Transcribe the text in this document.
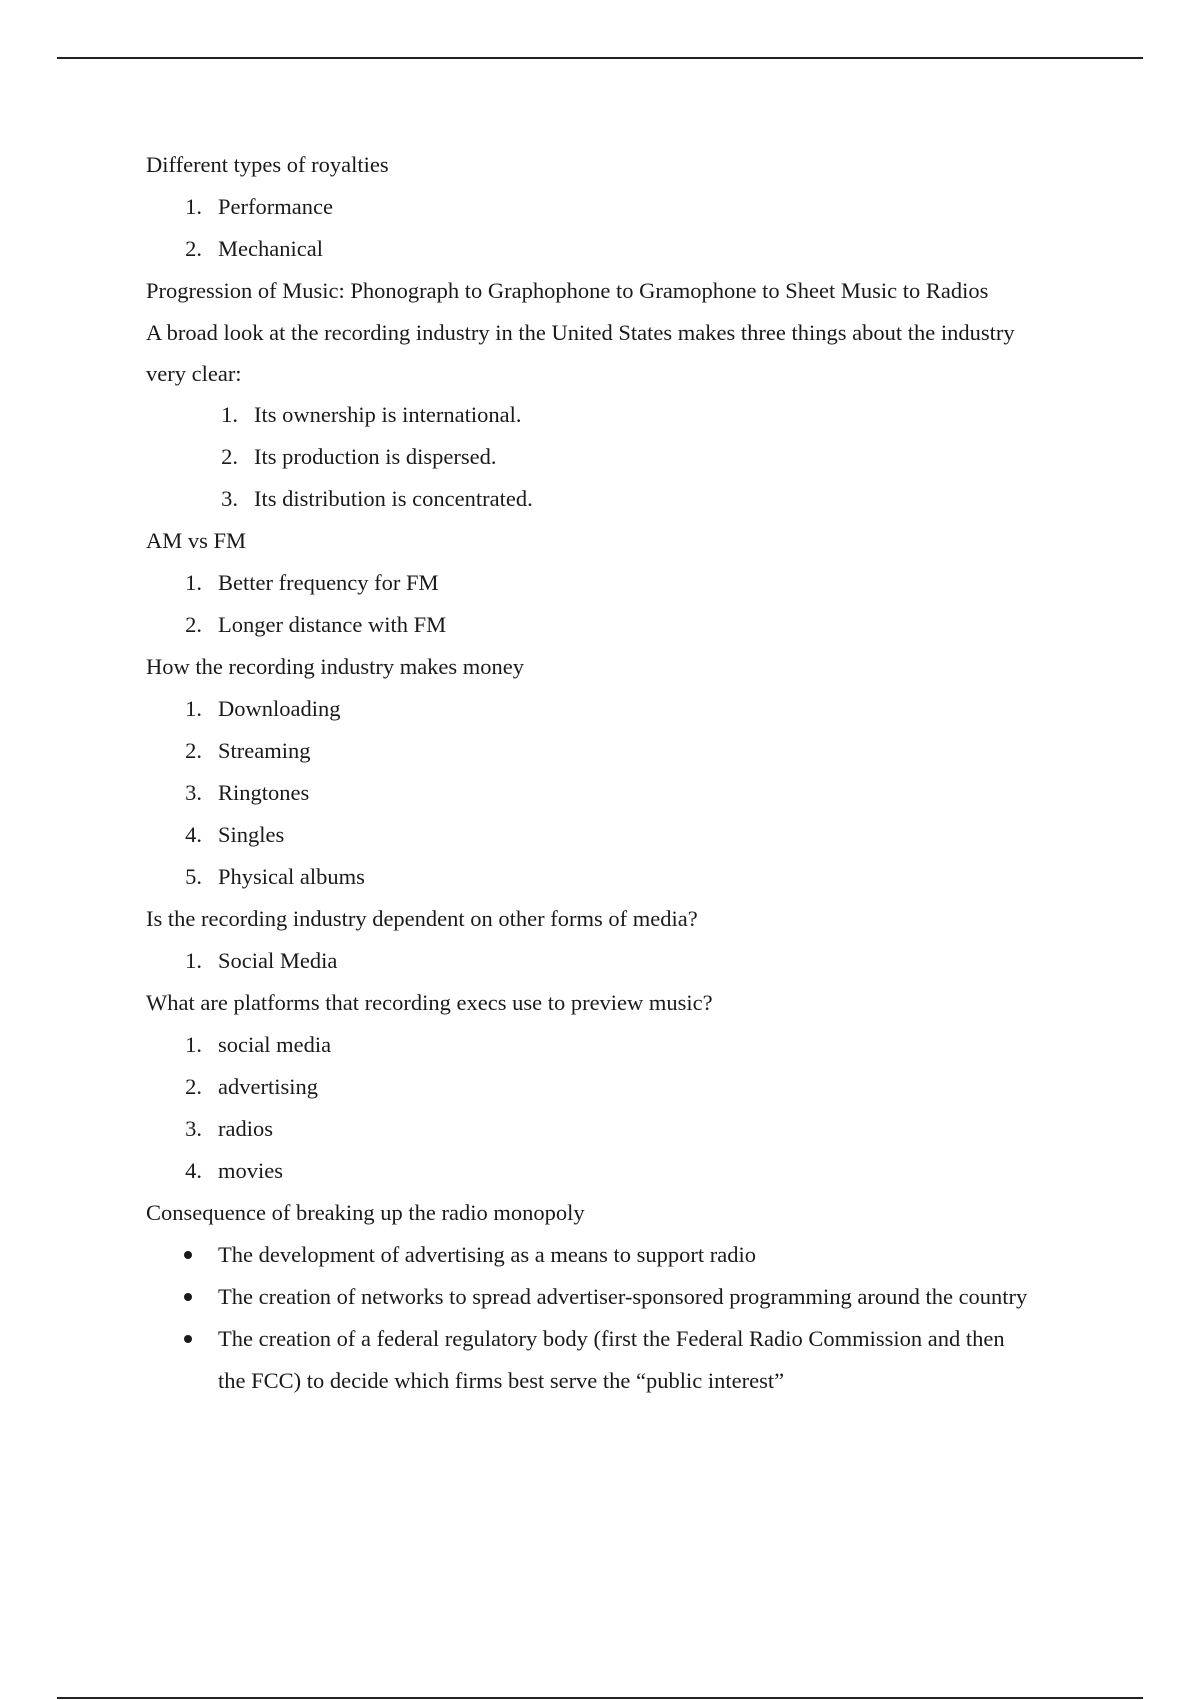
Different types of royalties

1. Performance
2. Mechanical

Progression of Music: Phonograph to Graphophone to Gramophone to Sheet Music to Radios

A broad look at the recording industry in the United States makes three things about the industry

very clear:

1. Its ownership is international.
2. Its production is dispersed.
3. Its distribution is concentrated.

AM vs FM

1. Better frequency for FM
2. Longer distance with FM

How the recording industry makes money

1. Downloading
2. Streaming
3. Ringtones
4. Singles
5. Physical albums

Is the recording industry dependent on other forms of media?

1. Social Media

What are platforms that recording execs use to preview music?

1. social media
2. advertising
3. radios
4. movies

Consequence of breaking up the radio monopoly

The development of advertising as a means to support radio
The creation of networks to spread advertiser-sponsored programming around the country
The creation of a federal regulatory body (first the Federal Radio Commission and then
the FCC) to decide which firms best serve the “public interest”
